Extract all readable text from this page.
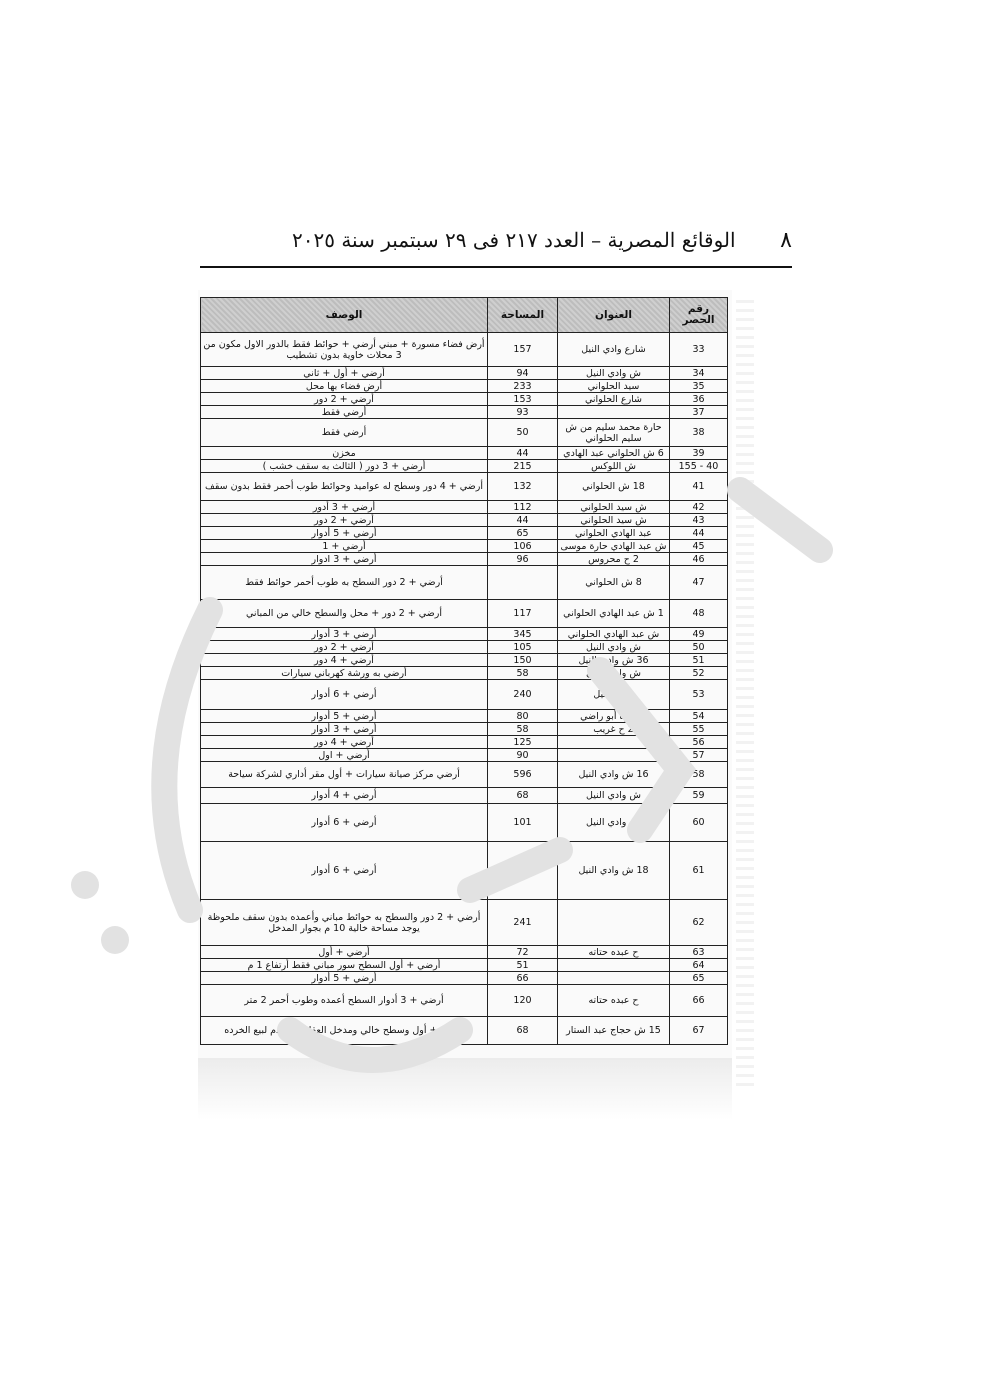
٨
الوقائع المصرية – العدد ٢١٧ فى ٢٩ سبتمبر سنة ٢٠٢٥
رقم الحصر	العنوان	المساحة	الوصف
33	شارع وادي النيل	157	أرض فضاء مسورة + مبني أرضي + حوائط فقط بالدور الاول مكون من 3 محلات خاوية بدون تشطيب
34	ش وادي النيل	94	أرضي + أول + ثاني
35	سيد الحلواني	233	أرض فضاء بها محل
36	شارع الحلواني	153	أرضي + 2 دور
37		93	أرضي فقط
38	حارة محمد سليم من ش سليم الحلواني	50	أرضي فقط
39	6 ش الحلواني عبد الهادي	44	مخزن
40 - 155	ش اللوكس	215	أرضي + 3 دور ( الثالث به سقف خشب )
41	18 ش الحلواني	132	أرضي + 4 دور وسطح له عواميد وحوائط طوب أحمر فقط بدون سقف
42	ش سيد الحلواني	112	أرضي + 3 أدور
43	ش سيد الحلواني	44	أرضي + 2 دور
44	عبد الهادي الحلواني	65	أرضي + 5 أدوار
45	ش عبد الهادي حارة موسى	106	أرضي + 1
46	2 ح محروس	96	أرضي + 3 ادوار
47	8 ش الحلواني		أرضي + 2 دور السطح به طوب أحمر حوائط فقط
48	1 ش عبد الهادي الحلواني	117	أرضي + 2 دور + محل والسطح خالي من المباني
49	ش عبد الهادي الحلواني	345	أرضي + 3 أدوار
50	ش وادي النيل	105	أرضي + 2 دور
51	36 ش وادي النيل	150	أرضي + 4 دور
52	ش وادي النيل	58	أرضي به ورشة كهرباني سيارات
53	وادي النيل	240	أرضي + 6 أدوار
54	3 حارة أبو راضي	80	أرضي + 5 أدوار
55	2 ح غريب	58	أرضي + 3 أدوار
56		125	أرضي + 4 دور
57		90	أرضي + اول
58	16 ش وادي النيل	596	أرضي مركز صيانة سيارات + أول مقر أداري لشركة سياحة
59	ش وادي النيل	68	أرضي + 4 أدوار
60	ش وادي النيل	101	أرضي + 6 أدوار
61	18 ش وادي النيل	198	أرضي + 6 أدوار
62		241	أرضي + 2 دور والسطح به حوائط مباني وأعمده بدون سقف ملحوظة يوجد مساحة خالية 10 م بجوار المدخل
63	ح عبده حتاته	72	أرضي + أول
64		51	أرضي + أول السطح سور مباني فقط أرتفاع 1 م
65		66	أرضي + 5 أدوار
66	ح عبده حتاته	120	أرضي + 3 أدوار السطح أعمده وطوب أحمر 2 متر
67	15 ش حجاج عبد الستار	68	أرضي + أول وسطح خالي ومدخل العقار يستخدم لبيع الخرده
